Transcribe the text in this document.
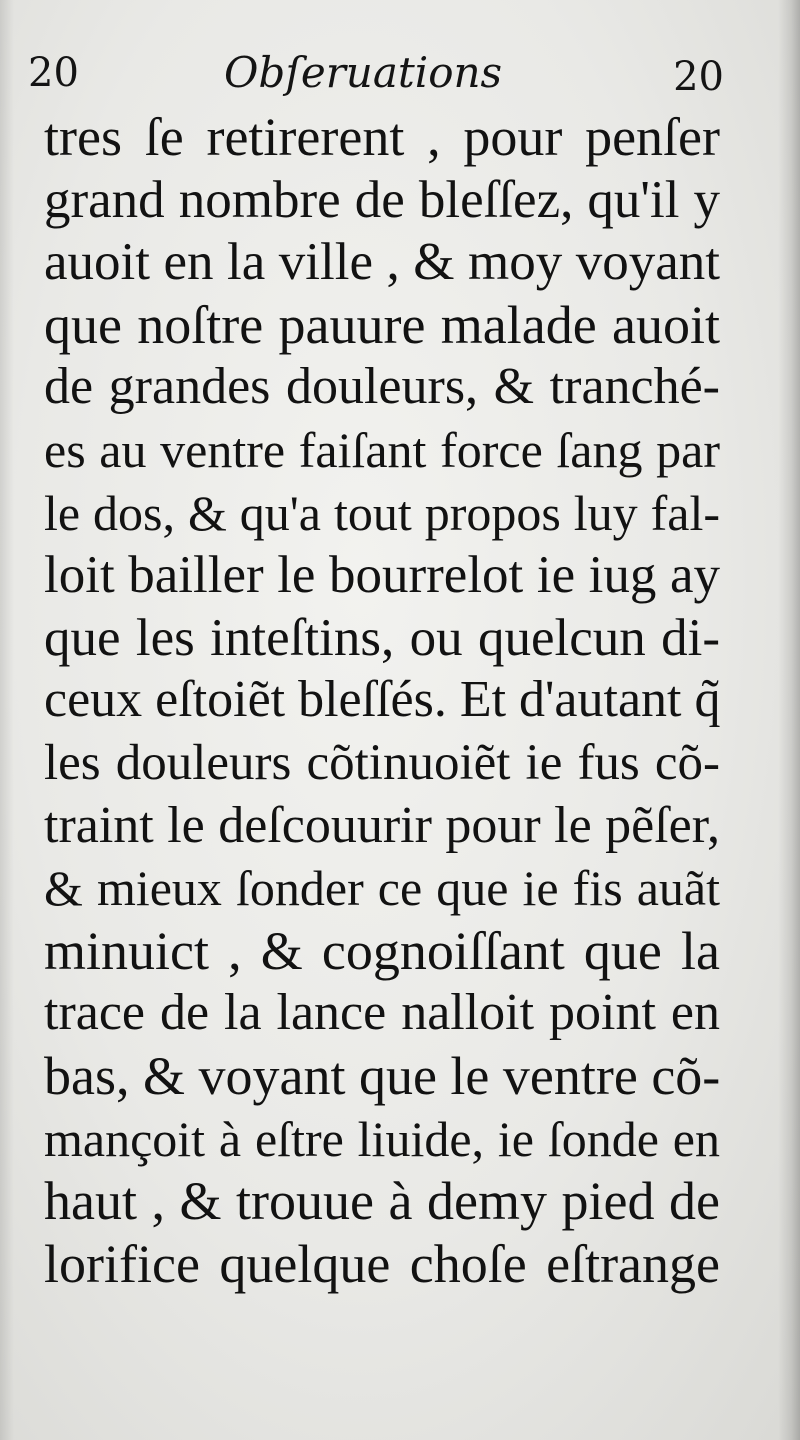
20	Obſeruations	20
tres ſe retirerent , pour penſer
grand nombre de bleſſez, qu'il y
auoit en la ville , & moy voyant
que noſtre pauure malade auoit
de grandes douleurs, & tranché-
es au ventre faiſant force ſang par
le dos, & qu'a tout propos luy fal-
loit bailler le bourrelot ie iug ay
que les inteſtins, ou quelcun di-
ceux eſtoiẽt bleſſés. Et d'autant q̃
les douleurs cõtinuoiẽt ie fus cõ-
traint le deſcouurir pour le pẽſer,
& mieux ſonder ce que ie fis auãt
minuict , & cognoiſſant que la
trace de la lance nalloit point en
bas, & voyant que le ventre cõ-
mançoit à eſtre liuide, ie ſonde en
haut , & trouue à demy pied de
lorifice quelque choſe eſtrange
